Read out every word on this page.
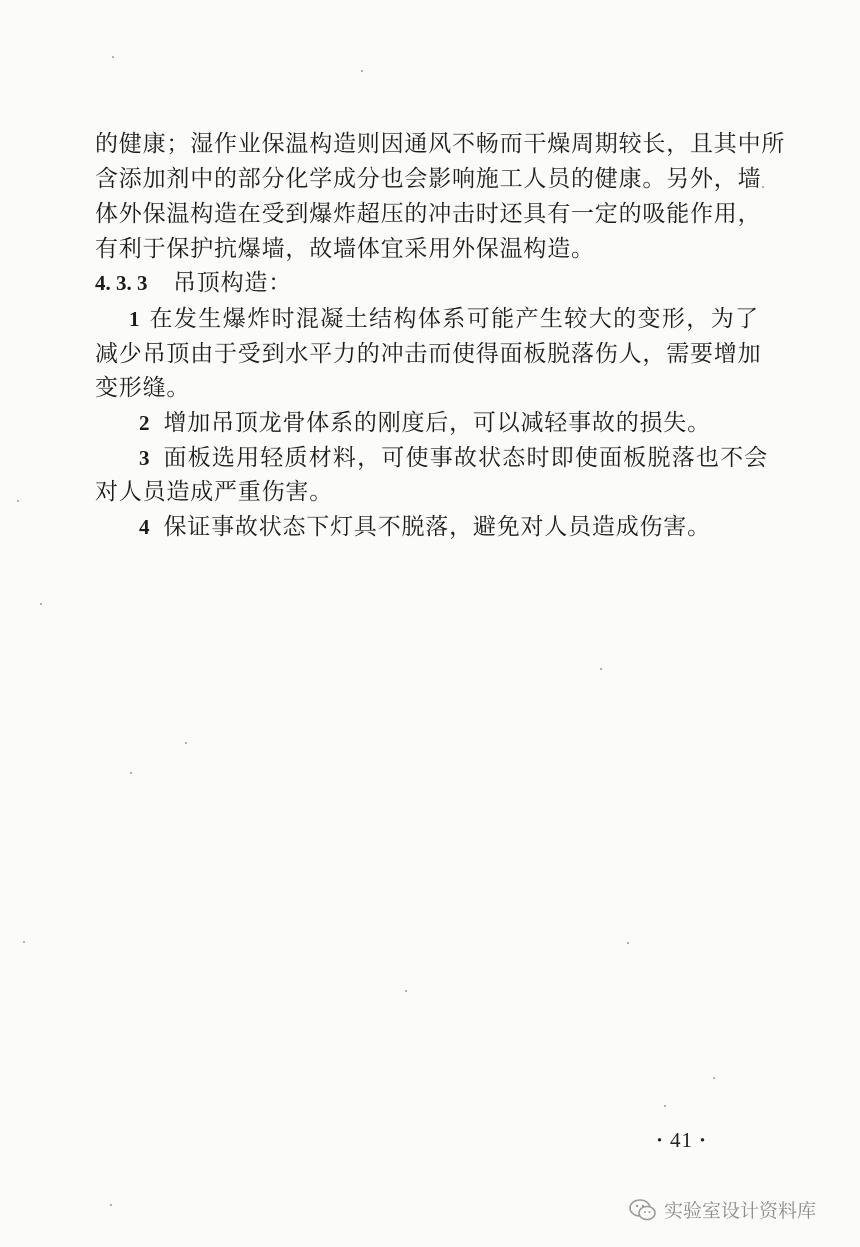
的健康；湿作业保温构造则因通风不畅而干燥周期较长，且其中所
含添加剂中的部分化学成分也会影响施工人员的健康。另外，墙
体外保温构造在受到爆炸超压的冲击时还具有一定的吸能作用，
有利于保护抗爆墙，故墙体宜采用外保温构造。
4. 3. 3 吊顶构造：
1 在发生爆炸时混凝土结构体系可能产生较大的变形，为了
减少吊顶由于受到水平力的冲击而使得面板脱落伤人，需要增加
变形缝。
2 增加吊顶龙骨体系的刚度后，可以减轻事故的损失。
3 面板选用轻质材料，可使事故状态时即使面板脱落也不会
对人员造成严重伤害。
4 保证事故状态下灯具不脱落，避免对人员造成伤害。
· 41 ·
实验室设计资料库
